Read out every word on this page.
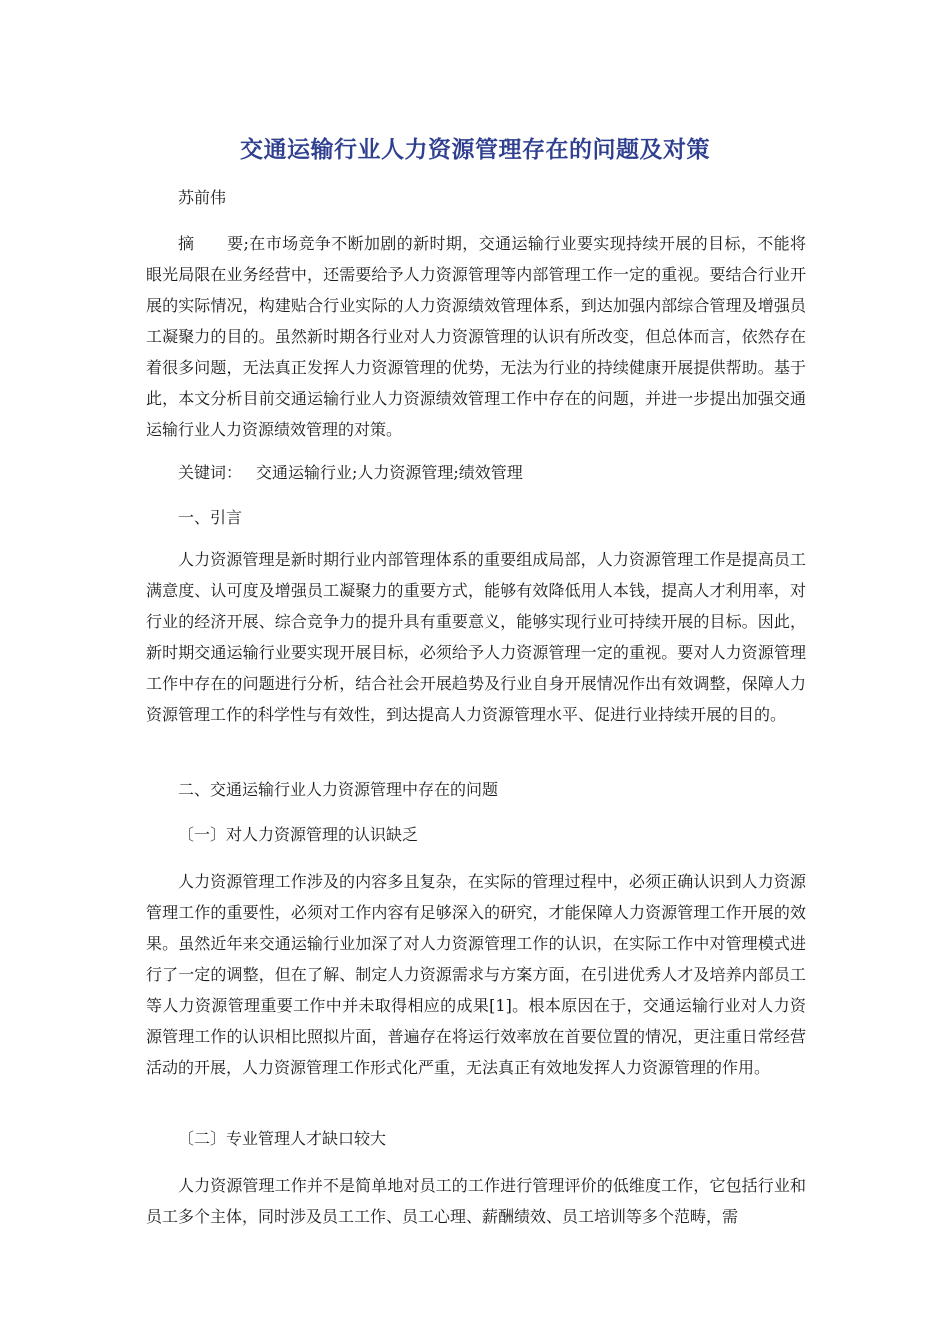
交通运输行业人力资源管理存在的问题及对策
苏前伟
摘　　要;在市场竞争不断加剧的新时期，交通运输行业要实现持续开展的目标，不能将眼光局限在业务经营中，还需要给予人力资源管理等内部管理工作一定的重视。要结合行业开展的实际情况，构建贴合行业实际的人力资源绩效管理体系，到达加强内部综合管理及增强员工凝聚力的目的。虽然新时期各行业对人力资源管理的认识有所改变，但总体而言，依然存在着很多问题，无法真正发挥人力资源管理的优势，无法为行业的持续健康开展提供帮助。基于此，本文分析目前交通运输行业人力资源绩效管理工作中存在的问题，并进一步提出加强交通运输行业人力资源绩效管理的对策。
关键词： 交通运输行业;人力资源管理;绩效管理
一、引言
人力资源管理是新时期行业内部管理体系的重要组成局部，人力资源管理工作是提高员工满意度、认可度及增强员工凝聚力的重要方式，能够有效降低用人本钱，提高人才利用率，对行业的经济开展、综合竞争力的提升具有重要意义，能够实现行业可持续开展的目标。因此，新时期交通运输行业要实现开展目标，必须给予人力资源管理一定的重视。要对人力资源管理工作中存在的问题进行分析，结合社会开展趋势及行业自身开展情况作出有效调整，保障人力资源管理工作的科学性与有效性，到达提高人力资源管理水平、促进行业持续开展的目的。
二、交通运输行业人力资源管理中存在的问题
〔一〕对人力资源管理的认识缺乏
人力资源管理工作涉及的内容多且复杂，在实际的管理过程中，必须正确认识到人力资源管理工作的重要性，必须对工作内容有足够深入的研究，才能保障人力资源管理工作开展的效果。虽然近年来交通运输行业加深了对人力资源管理工作的认识，在实际工作中对管理模式进行了一定的调整，但在了解、制定人力资源需求与方案方面，在引进优秀人才及培养内部员工等人力资源管理重要工作中并未取得相应的成果[1]。根本原因在于，交通运输行业对人力资源管理工作的认识相比照拟片面，普遍存在将运行效率放在首要位置的情况，更注重日常经营活动的开展，人力资源管理工作形式化严重，无法真正有效地发挥人力资源管理的作用。
〔二〕专业管理人才缺口较大
人力资源管理工作并不是简单地对员工的工作进行管理评价的低维度工作，它包括行业和员工多个主体，同时涉及员工工作、员工心理、薪酬绩效、员工培训等多个范畴，需
